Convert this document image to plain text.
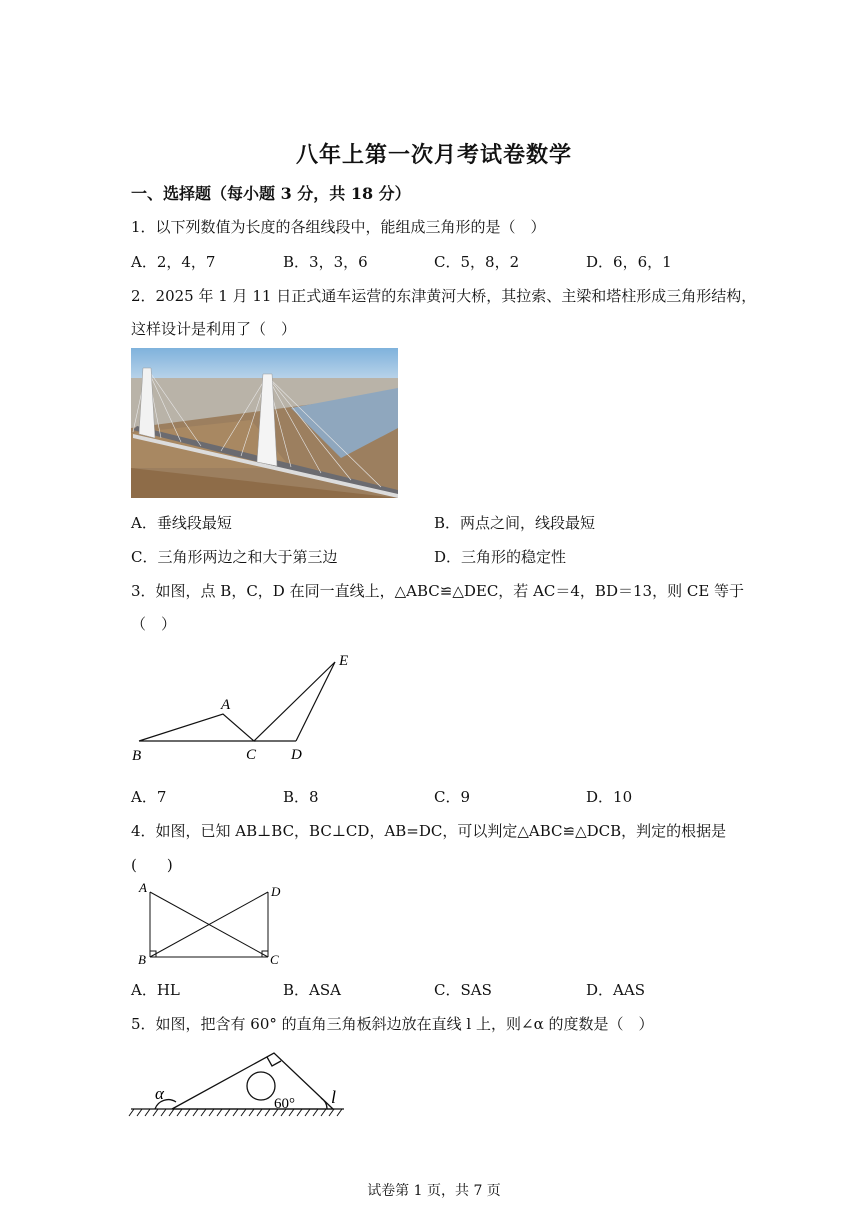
八年上第一次月考试卷数学
一、选择题（每小题 3 分，共 18 分）
1．以下列数值为长度的各组线段中，能组成三角形的是（　）
A．2，4，7	B．3，3，6	C．5，8，2	D．6，6，1
2．2025 年 1 月 11 日正式通车运营的东津黄河大桥，其拉索、主梁和塔柱形成三角形结构，
这样设计是利用了（　）
A．垂线段最短	B．两点之间，线段最短
C．三角形两边之和大于第三边	D．三角形的稳定性
3．如图，点 B，C，D 在同一直线上，△ABC≌△DEC，若 AC＝4，BD＝13，则 CE 等于
（　）
A
B	C D
E
A．7	B．8	C．9	D．10
4．如图，已知 AB⊥BC，BC⊥CD，AB=DC，可以判定△ABC≌△DCB，判定的根据是
(　　)
A
B	C
D
A．HL	B．ASA	C．SAS	D．AAS
5．如图，把含有 60° 的直角三角板斜边放在直线 l 上，则∠α 的度数是（　）
α
60° l
试卷第 1 页，共 7 页
